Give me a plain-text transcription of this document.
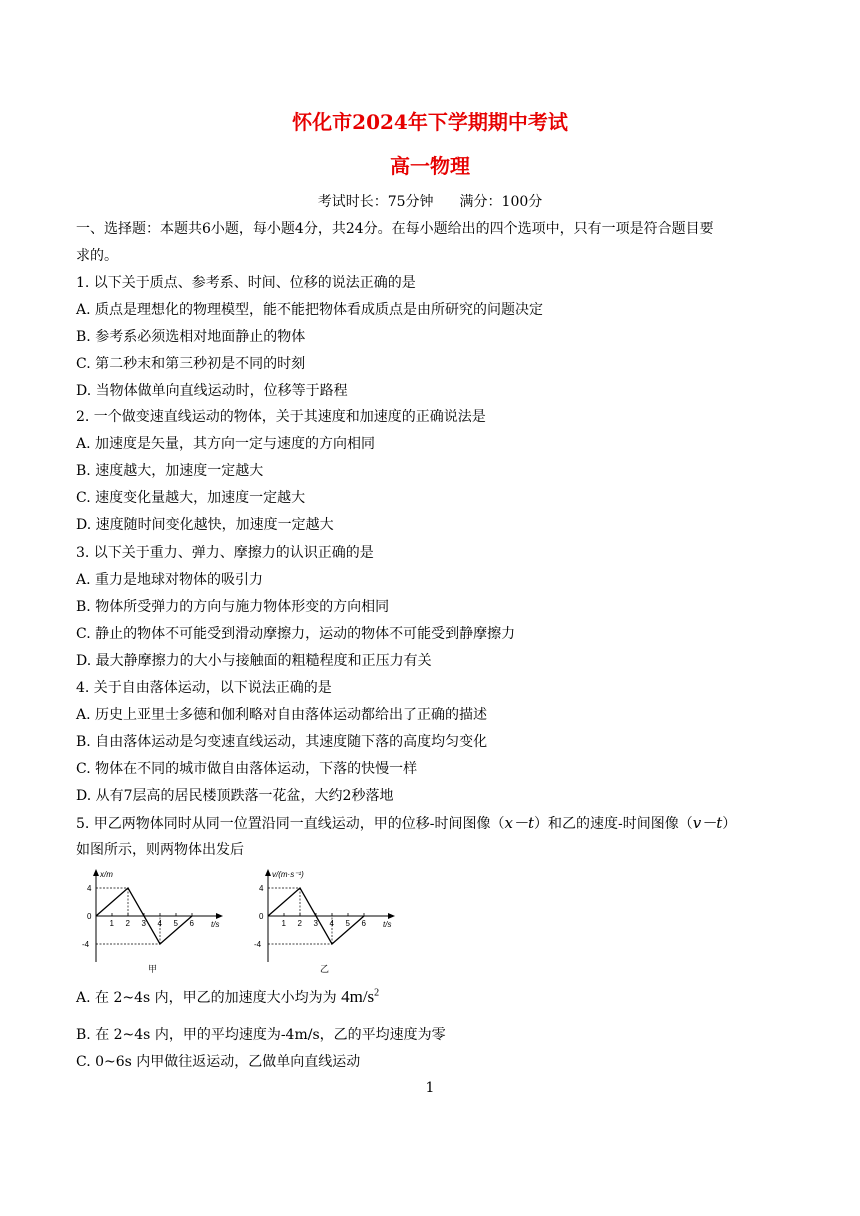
怀化市2024年下学期期中考试
高一物理
考试时长：75分钟 满分：100分
一、选择题：本题共6小题，每小题4分，共24分。在每小题给出的四个选项中，只有一项是符合题目要
求的。
1. 以下关于质点、参考系、时间、位移的说法正确的是
A. 质点是理想化的物理模型，能不能把物体看成质点是由所研究的问题决定
B. 参考系必须选相对地面静止的物体
C. 第二秒末和第三秒初是不同的时刻
D. 当物体做单向直线运动时，位移等于路程
2. 一个做变速直线运动的物体，关于其速度和加速度的正确说法是
A. 加速度是矢量，其方向一定与速度的方向相同
B. 速度越大，加速度一定越大
C. 速度变化量越大，加速度一定越大
D. 速度随时间变化越快，加速度一定越大
3. 以下关于重力、弹力、摩擦力的认识正确的是
A. 重力是地球对物体的吸引力
B. 物体所受弹力的方向与施力物体形变的方向相同
C. 静止的物体不可能受到滑动摩擦力，运动的物体不可能受到静摩擦力
D. 最大静摩擦力的大小与接触面的粗糙程度和正压力有关
4. 关于自由落体运动，以下说法正确的是
A. 历史上亚里士多德和伽利略对自由落体运动都给出了正确的描述
B. 自由落体运动是匀变速直线运动，其速度随下落的高度均匀变化
C. 物体在不同的城市做自由落体运动，下落的快慢一样
D. 从有7层高的居民楼顶跌落一花盆，大约2秒落地
5. 甲乙两物体同时从同一位置沿同一直线运动，甲的位移-时间图像（x－t）和乙的速度-时间图像（v－t）
如图所示，则两物体出发后
x/m
t/s
4
-4
0
1 2 3 4 5 6
甲
v/(m·s⁻¹)
t/s
4
-4
0
1 2 3 4 5 6
乙
A. 在 2~4s 内，甲乙的加速度大小均为为 $4m/s^2$
B. 在 2~4s 内，甲的平均速度为-4m/s，乙的平均速度为零
C. 0~6s 内甲做往返运动，乙做单向直线运动
1
